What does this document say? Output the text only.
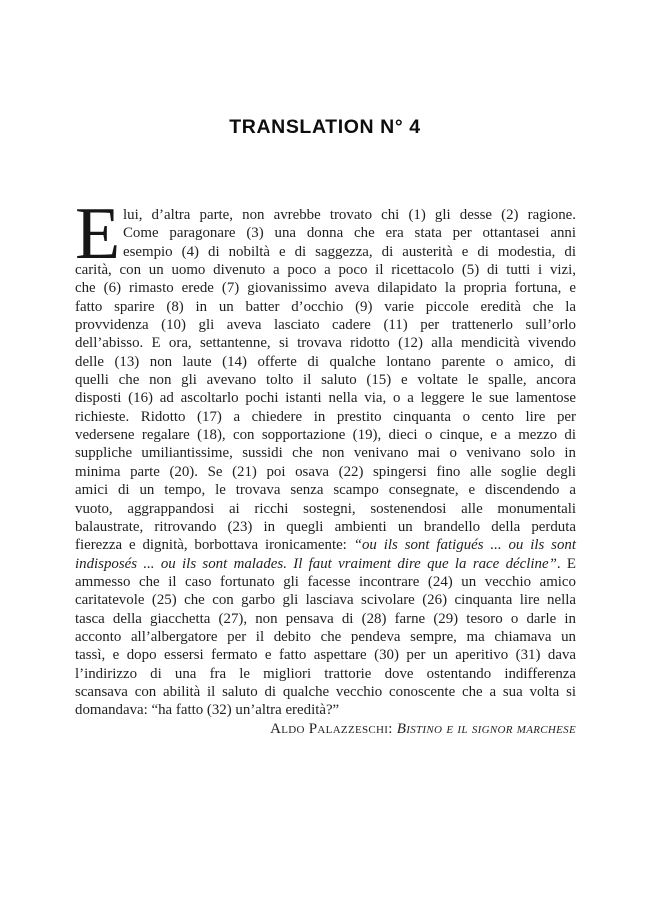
TRANSLATION N° 4
E lui, d’altra parte, non avrebbe trovato chi (1) gli desse (2) ragione.
Come paragonare (3) una donna che era stata per ottantasei anni
esempio (4) di nobiltà e di saggezza, di austerità e di modestia, di
carità, con un uomo divenuto a poco a poco il ricettacolo (5) di tutti i vizi,
che (6) rimasto erede (7) giovanissimo aveva dilapidato la propria fortuna, e
fatto sparire (8) in un batter d’occhio (9) varie piccole eredità che la
provvidenza (10) gli aveva lasciato cadere (11) per trattenerlo sull’orlo
dell’abisso. E ora, settantenne, si trovava ridotto (12) alla mendicità vivendo
delle (13) non laute (14) offerte di qualche lontano parente o amico, di
quelli che non gli avevano tolto il saluto (15) e voltate le spalle, ancora
disposti (16) ad ascoltarlo pochi istanti nella via, o a leggere le sue lamentose
richieste. Ridotto (17) a chiedere in prestito cinquanta o cento lire per
vedersene regalare (18), con sopportazione (19), dieci o cinque, e a mezzo di
suppliche umiliantissime, sussidi che non venivano mai o venivano solo in
minima parte (20). Se (21) poi osava (22) spingersi fino alle soglie degli
amici di un tempo, le trovava senza scampo consegnate, e discendendo a
vuoto, aggrappandosi ai ricchi sostegni, sostenendosi alle monumentali
balaustrate, ritrovando (23) in quegli ambienti un brandello della perduta
fierezza e dignità, borbottava ironicamente: “ou ils sont fatigués ... ou ils sont
indisposés ... ou ils sont malades. Il faut vraiment dire que la race décline”. E
ammesso che il caso fortunato gli facesse incontrare (24) un vecchio amico
caritatevole (25) che con garbo gli lasciava scivolare (26) cinquanta lire nella
tasca della giacchetta (27), non pensava di (28) farne (29) tesoro o darle in
acconto all’albergatore per il debito che pendeva sempre, ma chiamava un
tassì, e dopo essersi fermato e fatto aspettare (30) per un aperitivo (31) dava
l’indirizzo di una fra le migliori trattorie dove ostentando indifferenza
scansava con abilità il saluto di qualche vecchio conoscente che a sua volta si
domandava: “ha fatto (32) un’altra eredità?”
Aldo Palazzeschi: Bistino e il signor marchese
